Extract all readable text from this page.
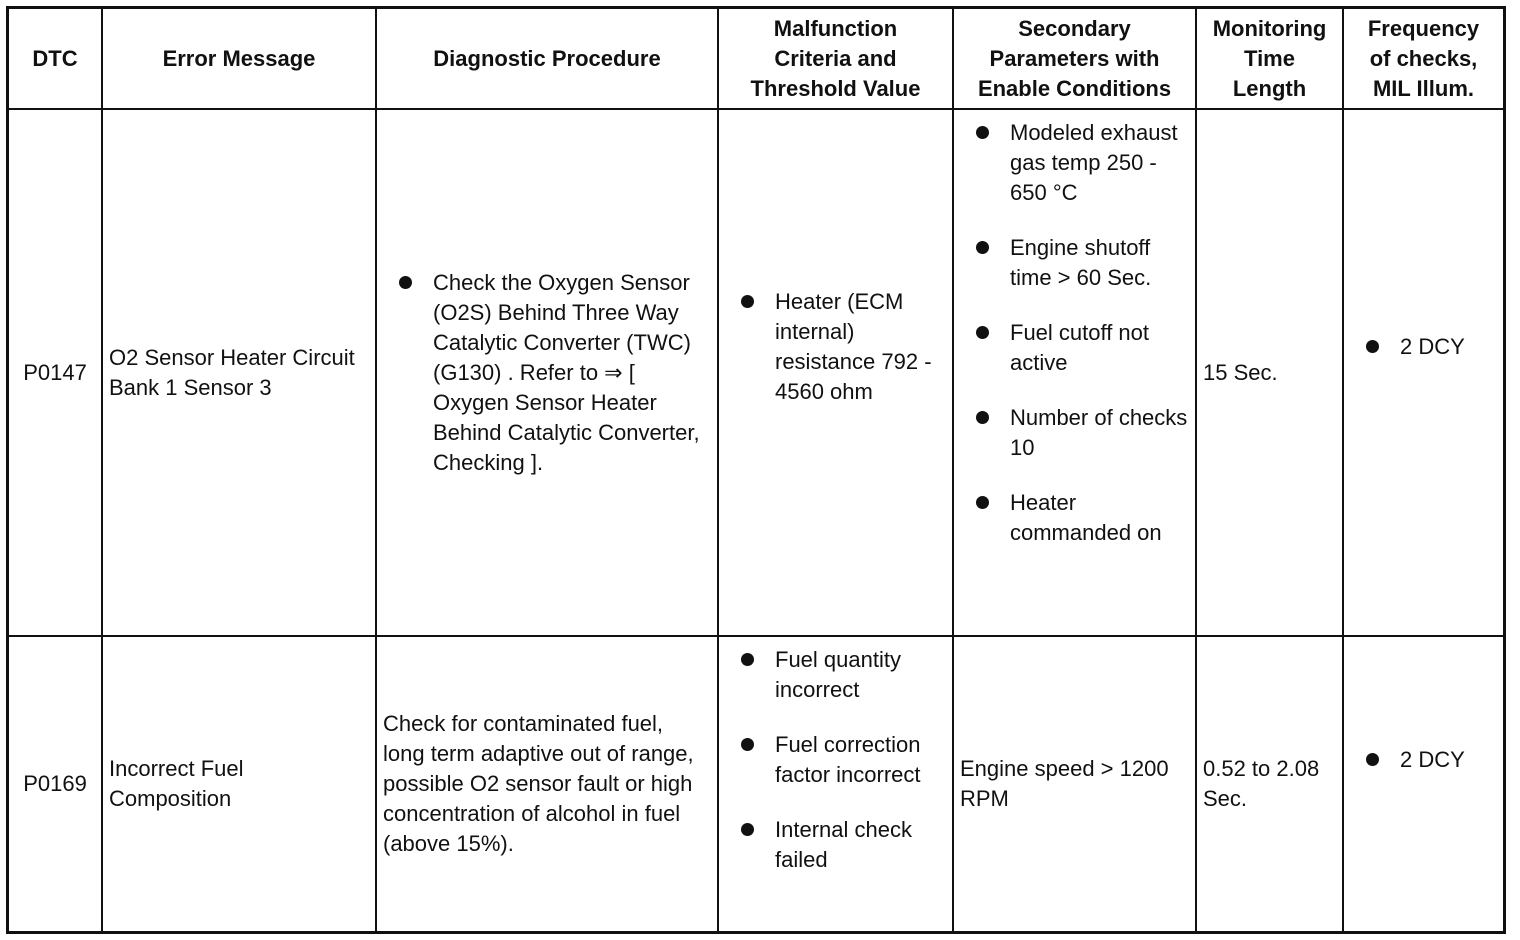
DTC	Error Message	Diagnostic Procedure
Malfunction Criteria and Threshold Value
Secondary Parameters with Enable Conditions
Monitoring Time Length
Frequency of checks, MIL Illum.
P0147
O2 Sensor Heater Circuit Bank 1 Sensor 3
Check the Oxygen Sensor (O2S) Behind Three Way Catalytic Converter (TWC) (G130) . Refer to ⇒ [ Oxygen Sensor Heater Behind Catalytic Converter, Checking ].
Heater (ECM internal) resistance 792 - 4560 ohm
Modeled exhaust gas temp 250 - 650 °C
Engine shutoff time > 60 Sec.
Fuel cutoff not active
Number of checks 10
Heater commanded on
15 Sec.
2 DCY
P0169
Incorrect Fuel Composition
Check for contaminated fuel, long term adaptive out of range, possible O2 sensor fault or high concentration of alcohol in fuel (above 15%).
Fuel quantity incorrect
Fuel correction factor incorrect
Internal check failed
Engine speed > 1200 RPM
0.52 to 2.08 Sec.
2 DCY
